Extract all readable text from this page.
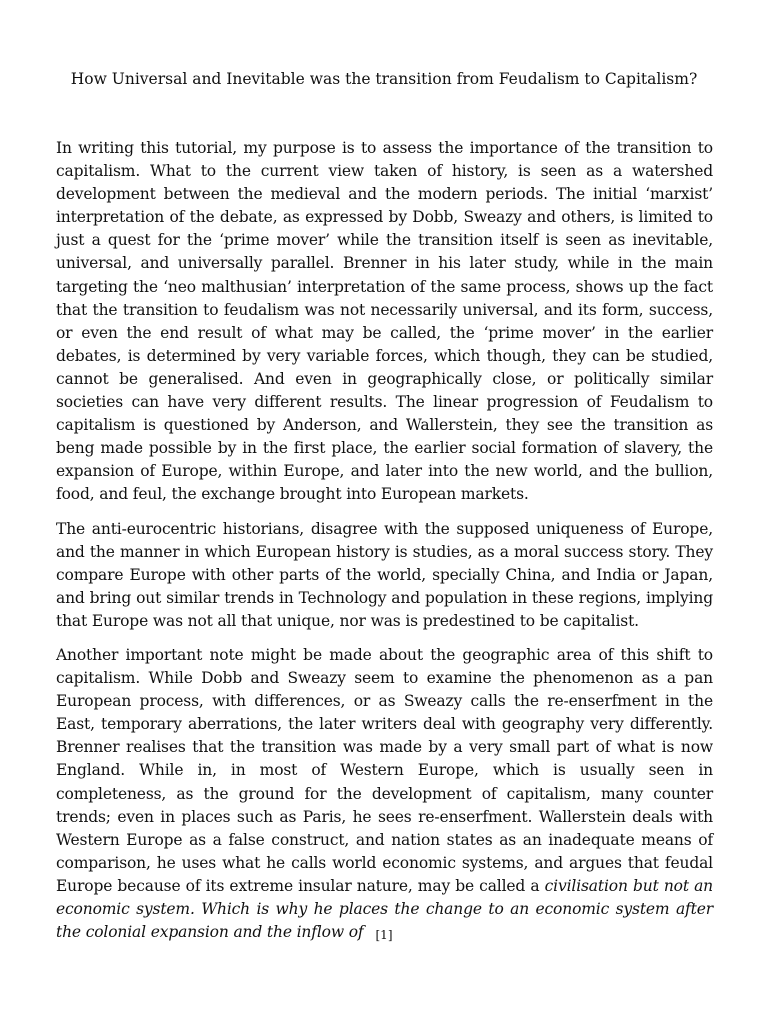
How Universal and Inevitable was the transition from Feudalism to Capitalism?

In writing this tutorial, my purpose is to assess the importance of the transition to capitalism. What to the current view taken of history, is seen as a watershed development between the medieval and the modern periods. The initial ‘marxist’ interpretation of the debate, as expressed by Dobb, Sweazy and others, is limited to just a quest for the ‘prime mover’ while the transition itself is seen as inevitable, universal, and universally parallel. Brenner in his later study, while in the main targeting the ‘neo malthusian’ interpretation of the same process, shows up the fact that the transition to feudalism was not necessarily universal, and its form, success, or even the end result of what may be called, the ‘prime mover’ in the earlier debates, is determined by very variable forces, which though, they can be studied, cannot be generalised. And even in geographically close, or politically similar societies can have very different results. The linear progression of Feudalism to capitalism is questioned by Anderson, and Wallerstein, they see the transition as beng made possible by in the first place, the earlier social formation of slavery, the expansion of Europe, within Europe, and later into the new world, and the bullion, food, and feul, the exchange brought into European markets.

The anti-eurocentric historians, disagree with the supposed uniqueness of Europe, and the manner in which European history is studies, as a moral success story. They compare Europe with other parts of the world, specially China, and India or Japan, and bring out similar trends in Technology and population in these regions, implying that Europe was not all that unique, nor was is predestined to be capitalist.

Another important note might be made about the geographic area of this shift to capitalism. While Dobb and Sweazy seem to examine the phenomenon as a pan European process, with differences, or as Sweazy calls the re-enserfment in the East, temporary aberrations, the later writers deal with geography very differently. Brenner realises that the transition was made by a very small part of what is now England. While in, in most of Western Europe, which is usually seen in completeness, as the ground for the development of capitalism, many counter trends; even in places such as Paris, he sees re-enserfment. Wallerstein deals with Western Europe as a false construct, and nation states as an inadequate means of comparison, he uses what he calls world economic systems, and argues that feudal Europe because of its extreme insular nature, may be called a civilisation but not an economic system. Which is why he places the change to an economic system after the colonial expansion and the inflow of [1]
